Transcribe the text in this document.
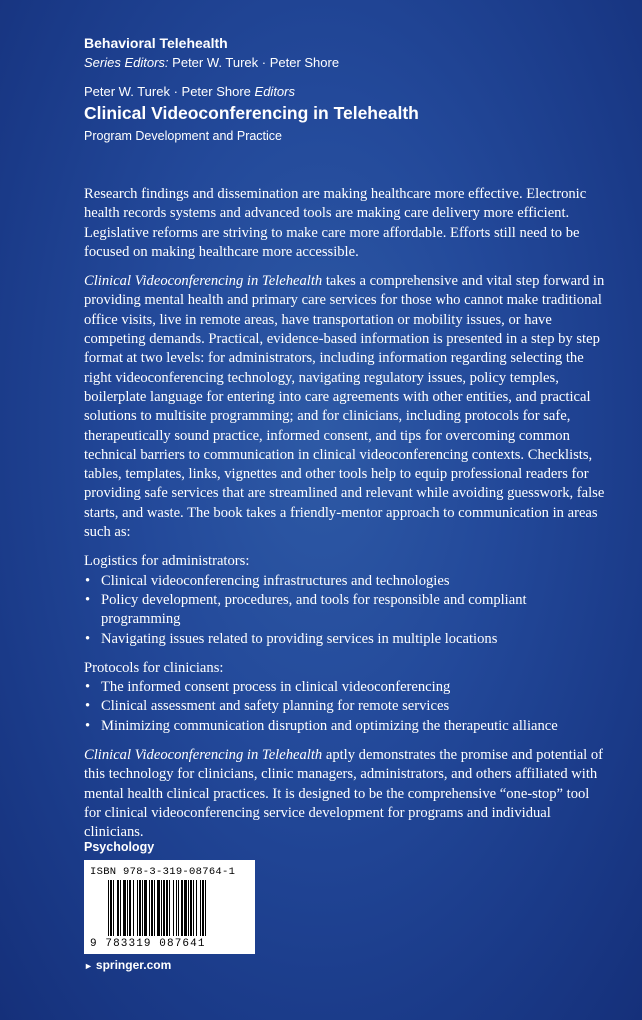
Behavioral Telehealth
Series Editors: Peter W. Turek · Peter Shore
Peter W. Turek · Peter Shore Editors
Clinical Videoconferencing in Telehealth
Program Development and Practice

Research findings and dissemination are making healthcare more effective. Electronic health records systems and advanced tools are making care delivery more efficient. Legislative reforms are striving to make care more affordable. Efforts still need to be focused on making healthcare more accessible.

Clinical Videoconferencing in Telehealth takes a comprehensive and vital step forward in providing mental health and primary care services for those who cannot make traditional office visits, live in remote areas, have transportation or mobility issues, or have competing demands. Practical, evidence-based information is presented in a step by step format at two levels: for administrators, including information regarding selecting the right videoconferencing technology, navigating regulatory issues, policy temples, boilerplate language for entering into care agreements with other entities, and practical solutions to multisite programming; and for clinicians, including protocols for safe, therapeutically sound practice, informed consent, and tips for overcoming common technical barriers to communication in clinical videoconferencing contexts. Checklists, tables, templates, links, vignettes and other tools help to equip professional readers for providing safe services that are streamlined and relevant while avoiding guesswork, false starts, and waste. The book takes a friendly-mentor approach to communication in areas such as:

Logistics for administrators:
• Clinical videoconferencing infrastructures and technologies
• Policy development, procedures, and tools for responsible and compliant programming
• Navigating issues related to providing services in multiple locations
Protocols for clinicians:
• The informed consent process in clinical videoconferencing
• Clinical assessment and safety planning for remote services
• Minimizing communication disruption and optimizing the therapeutic alliance

Clinical Videoconferencing in Telehealth aptly demonstrates the promise and potential of this technology for clinicians, clinic managers, administrators, and others affiliated with mental health clinical practices. It is designed to be the comprehensive “one-stop” tool for clinical videoconferencing service development for programs and individual clinicians.

Psychology
ISBN 978-3-319-08764-1
9 783319 087641
► springer.com
